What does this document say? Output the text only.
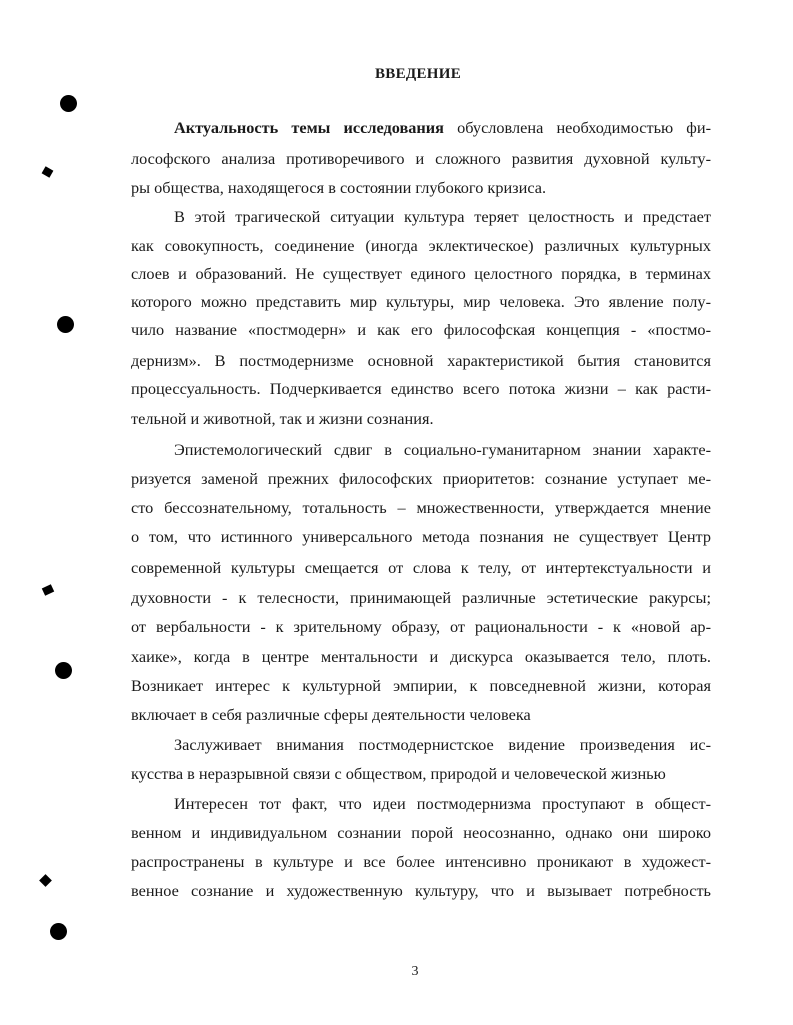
ВВЕДЕНИЕ
Актуальность темы исследования обусловлена необходимостью фи-
лософского анализа противоречивого и сложного развития духовной культу-
ры общества, находящегося в состоянии глубокого кризиса.
В этой трагической ситуации культура теряет целостность и предстает
как совокупность, соединение (иногда эклектическое) различных культурных
слоев и образований. Не существует единого целостного порядка, в терминах
которого можно представить мир культуры, мир человека. Это явление полу-
чило название «постмодерн» и как его философская концепция - «постмо-
дернизм». В постмодернизме основной характеристикой бытия становится
процессуальность. Подчеркивается единство всего потока жизни – как расти-
тельной и животной, так и жизни сознания.
Эпистемологический сдвиг в социально-гуманитарном знании характе-
ризуется заменой прежних философских приоритетов: сознание уступает ме-
сто бессознательному, тотальность – множественности, утверждается мнение
о том, что истинного универсального метода познания не существует Центр
современной культуры смещается от слова к телу, от интертекстуальности и
духовности - к телесности, принимающей различные эстетические ракурсы;
от вербальности - к зрительному образу, от рациональности - к «новой ар-
хаике», когда в центре ментальности и дискурса оказывается тело, плоть.
Возникает интерес к культурной эмпирии, к повседневной жизни, которая
включает в себя различные сферы деятельности человека
Заслуживает внимания постмодернистское видение произведения ис-
кусства в неразрывной связи с обществом, природой и человеческой жизнью
Интересен тот факт, что идеи постмодернизма проступают в общест-
венном и индивидуальном сознании порой неосознанно, однако они широко
распространены в культуре и все более интенсивно проникают в художест-
венное сознание и художественную культуру, что и вызывает потребность
3
